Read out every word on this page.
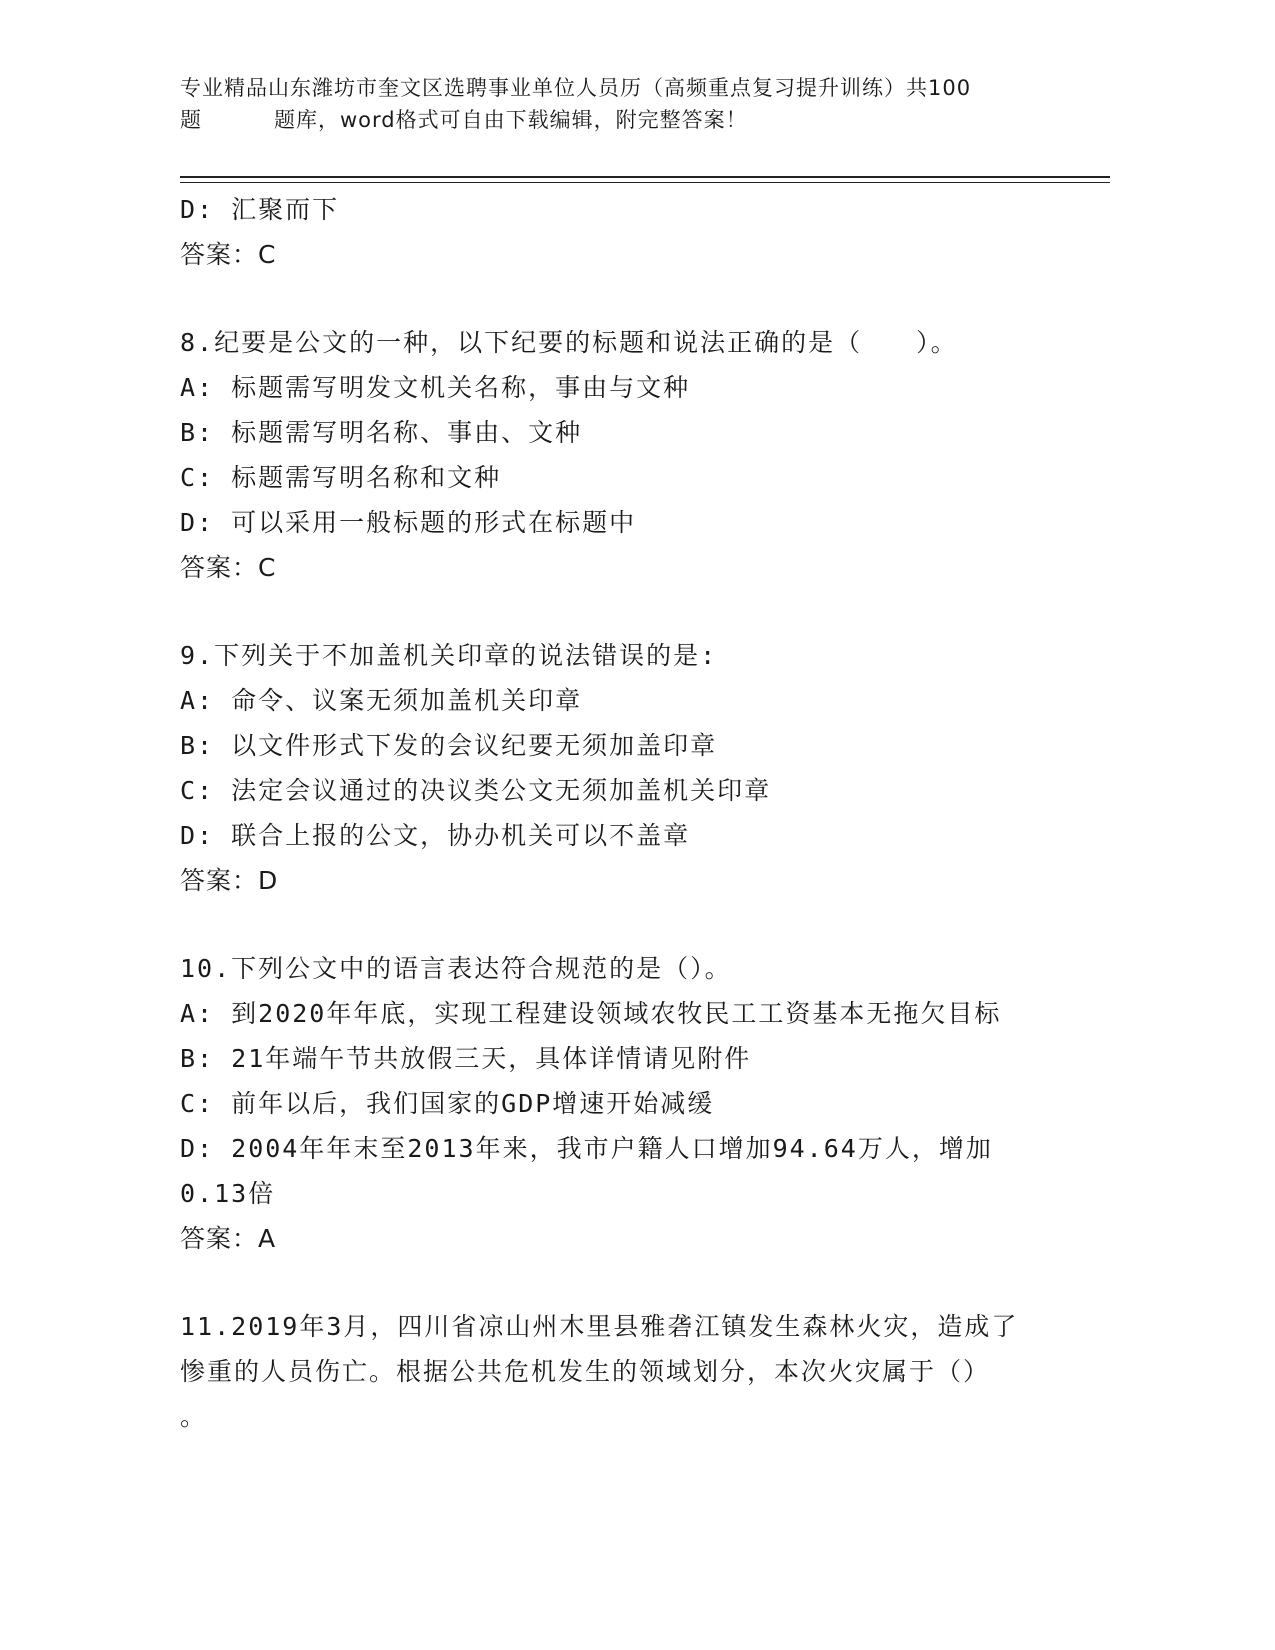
专业精品山东潍坊市奎文区选聘事业单位人员历（高频重点复习提升训练）共100
题	题库，word格式可自由下载编辑，附完整答案！
D: 汇聚而下
答案：C
8.纪要是公文的一种，以下纪要的标题和说法正确的是（　　）。
A: 标题需写明发文机关名称，事由与文种
B: 标题需写明名称、事由、文种
C: 标题需写明名称和文种
D: 可以采用一般标题的形式在标题中
答案：C
9.下列关于不加盖机关印章的说法错误的是:
A: 命令、议案无须加盖机关印章
B: 以文件形式下发的会议纪要无须加盖印章
C: 法定会议通过的决议类公文无须加盖机关印章
D: 联合上报的公文，协办机关可以不盖章
答案：D
10.下列公文中的语言表达符合规范的是（）。
A: 到2020年年底，实现工程建设领域农牧民工工资基本无拖欠目标
B: 21年端午节共放假三天，具体详情请见附件
C: 前年以后，我们国家的GDP增速开始减缓
D: 2004年年末至2013年来，我市户籍人口增加94.64万人，增加
0.13倍
答案：A
11.2019年3月，四川省凉山州木里县雅砻江镇发生森林火灾，造成了
惨重的人员伤亡。根据公共危机发生的领域划分，本次火灾属于（）
。
